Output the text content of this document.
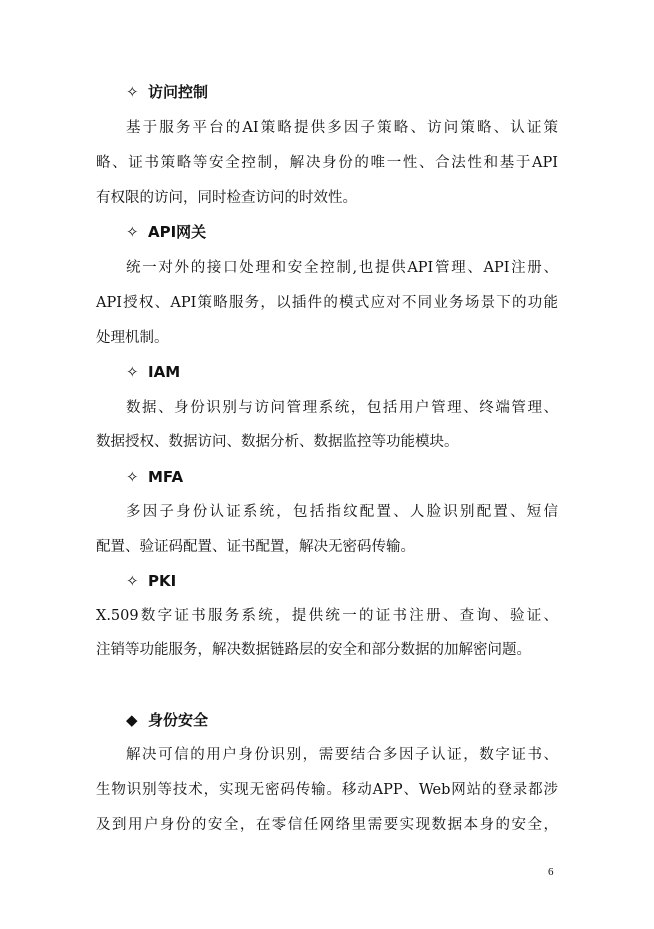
✧ 访问控制
基于服务平台的AI策略提供多因子策略、访问策略、认证策
略、证书策略等安全控制，解决身份的唯一性、合法性和基于API
有权限的访问，同时检查访问的时效性。
✧ API网关
统一对外的接口处理和安全控制,也提供API管理、API注册、
API授权、API策略服务，以插件的模式应对不同业务场景下的功能
处理机制。
✧ IAM
数据、身份识别与访问管理系统，包括用户管理、终端管理、
数据授权、数据访问、数据分析、数据监控等功能模块。
✧ MFA
多因子身份认证系统，包括指纹配置、人脸识别配置、短信
配置、验证码配置、证书配置，解决无密码传输。
✧ PKI
X.509数字证书服务系统，提供统一的证书注册、查询、验证、
注销等功能服务，解决数据链路层的安全和部分数据的加解密问题。
◆ 身份安全
解决可信的用户身份识别，需要结合多因子认证，数字证书、
生物识别等技术，实现无密码传输。移动APP、Web网站的登录都涉
及到用户身份的安全，在零信任网络里需要实现数据本身的安全，
6
